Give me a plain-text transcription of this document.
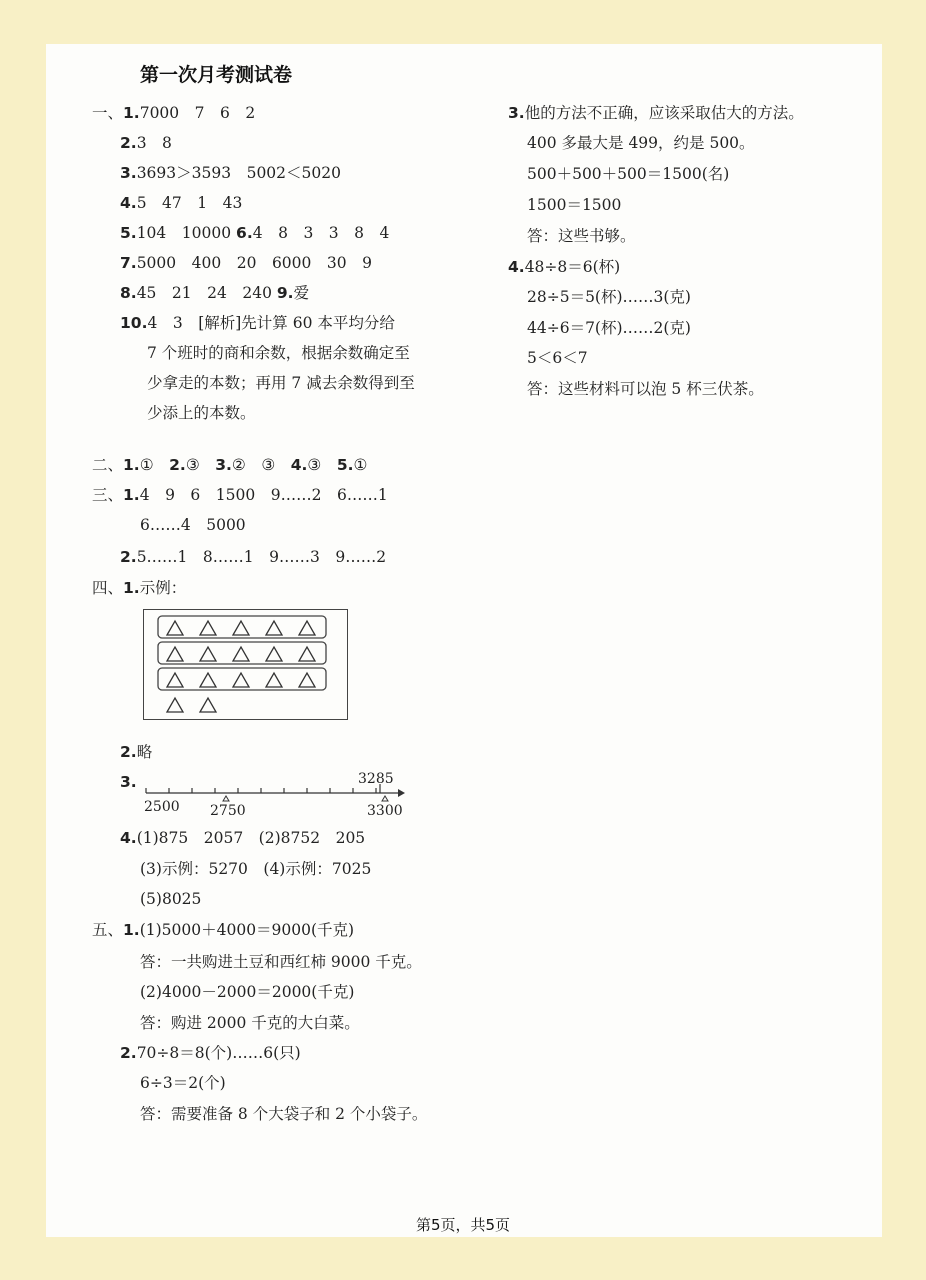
第一次月考测试卷
一、1.7000　7　6　2
2.3　8
3.3693＞3593　5002＜5020
4.5　47　1　43
5.104　10000 6.4　8　3　3　8　4
7.5000　400　20　6000　30　9
8.45　21　24　240 9.爱
10.4　3　[解析]先计算 60 本平均分给
7 个班时的商和余数，根据余数确定至
少拿走的本数；再用 7 减去余数得到至
少添上的本数。
二、1.①　 2.③　 3.②　③　 4.③　 5.①
三、1.4　9　6　1500　9……2　6……1
6……4　5000
2.5……1　8……1　9……3　9……2
四、1.示例：
2.略
3.
2500 2750	3300
3285
4.(1)875　2057　(2)8752　205
(3)示例：5270　(4)示例：7025
(5)8025
五、1.(1)5000＋4000＝9000(千克)
答：一共购进土豆和西红柿 9000 千克。
(2)4000－2000＝2000(千克)
答：购进 2000 千克的大白菜。
2.70÷8＝8(个)……6(只)
6÷3＝2(个)
答：需要准备 8 个大袋子和 2 个小袋子。
3.他的方法不正确，应该采取估大的方法。
400 多最大是 499，约是 500。
500＋500＋500＝1500(名)
1500＝1500
答：这些书够。
4.48÷8＝6(杯)
28÷5＝5(杯)……3(克)
44÷6＝7(杯)……2(克)
5＜6＜7
答：这些材料可以泡 5 杯三伏茶。
第5页，共5页
